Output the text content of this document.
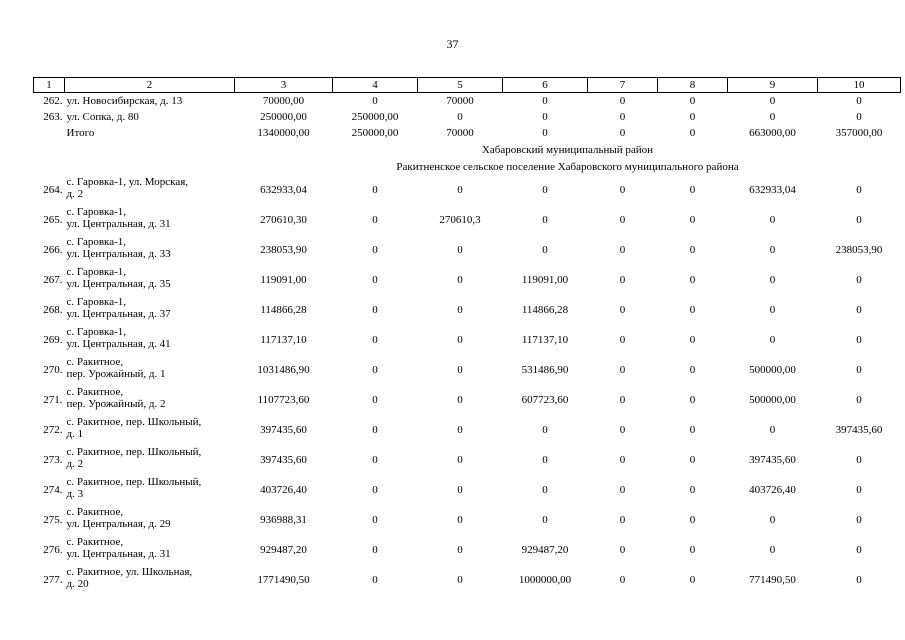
37
1	2	3	4	5	6	7	8	9	10
262.	ул. Новосибирская, д. 13	70000,00	0	70000	0	0	0	0	0
263.	ул. Сопка, д. 80	250000,00	250000,00	0	0	0	0	0	0

	Итого	1340000,00	250000,00	70000	0	0	0	663000,00	357000,00
		Хабаровский муниципальный район							
		Ракитненское сельское поселение Хабаровского муниципального района							
264.	с. Гаровка-1, ул. Морская,
д. 2	632933,04	0	0	0	0	0	632933,04	0
265.	с. Гаровка-1,
ул. Центральная, д. 31	270610,30	0	270610,3	0	0	0	0	0
266.	с. Гаровка-1,
ул. Центральная, д. 33	238053,90	0	0	0	0	0	0	238053,90
267.	с. Гаровка-1,
ул. Центральная, д. 35	119091,00	0	0	119091,00	0	0	0	0
268.	с. Гаровка-1,
ул. Центральная, д. 37	114866,28	0	0	114866,28	0	0	0	0
269.	с. Гаровка-1,
ул. Центральная, д. 41	117137,10	0	0	117137,10	0	0	0	0
270.	с. Ракитное,
пер. Урожайный, д. 1	1031486,90	0	0	531486,90	0	0	500000,00	0
271.	с. Ракитное,
пер. Урожайный, д. 2	1107723,60	0	0	607723,60	0	0	500000,00	0
272.	с. Ракитное, пер. Школьный,
д. 1	397435,60	0	0	0	0	0	0	397435,60
273.	с. Ракитное, пер. Школьный,
д. 2	397435,60	0	0	0	0	0	397435,60	0
274.	с. Ракитное, пер. Школьный,
д. 3	403726,40	0	0	0	0	0	403726,40	0
275.	с. Ракитное,
ул. Центральная, д. 29	936988,31	0	0	0	0	0	0	0
276.	с. Ракитное,
ул. Центральная, д. 31	929487,20	0	0	929487,20	0	0	0	0
277.	с. Ракитное, ул. Школьная,
д. 20	1771490,50	0	0	1000000,00	0	0	771490,50	0
